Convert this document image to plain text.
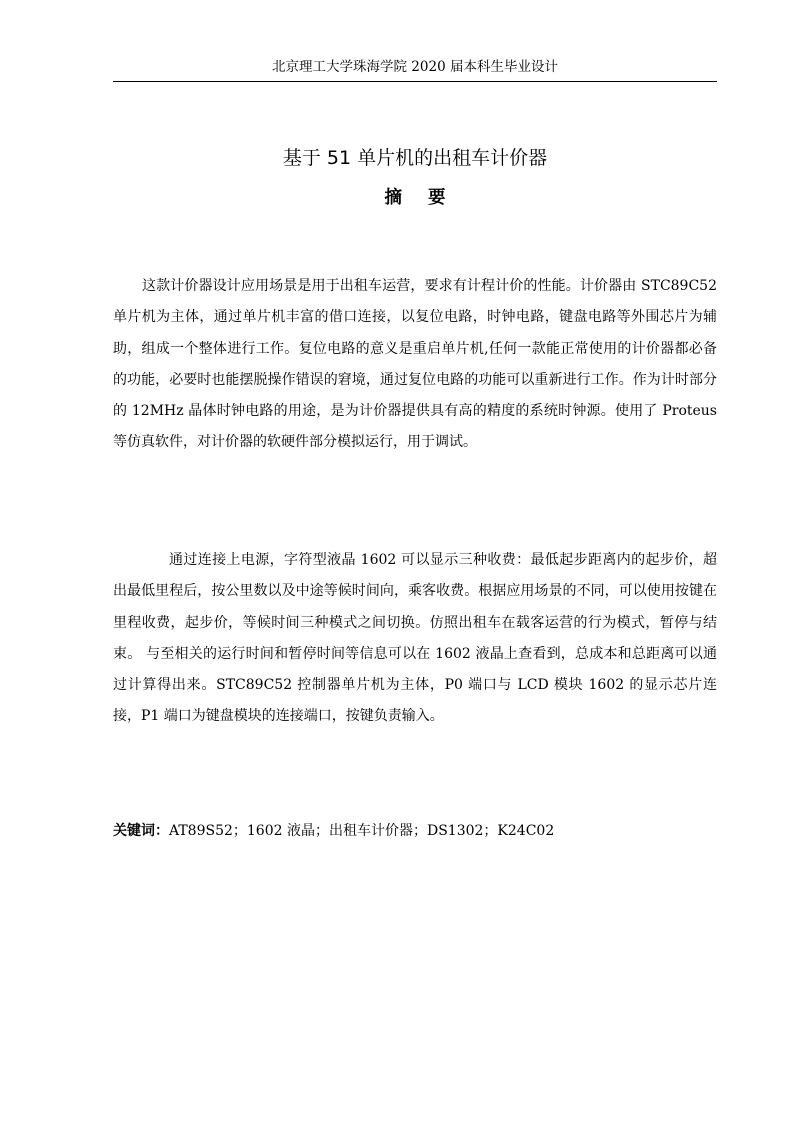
北京理工大学珠海学院 2020 届本科生毕业设计
基于 51 单片机的出租车计价器
摘要

这款计价器设计应用场景是用于出租车运营，要求有计程计价的性能。计价器由 STC89C52 单片机为主体，通过单片机丰富的借口连接，以复位电路，时钟电路，键盘电路等外围芯片为辅助，组成一个整体进行工作。复位电路的意义是重启单片机,任何一款能正常使用的计价器都必备的功能，必要时也能摆脱操作错误的窘境，通过复位电路的功能可以重新进行工作。作为计时部分的 12MHz 晶体时钟电路的用途，是为计价器提供具有高的精度的系统时钟源。使用了 Proteus 等仿真软件，对计价器的软硬件部分模拟运行，用于调试。

通过连接上电源，字符型液晶 1602 可以显示三种收费：最低起步距离内的起步价，超出最低里程后，按公里数以及中途等候时间向，乘客收费。根据应用场景的不同，可以使用按键在里程收费，起步价，等候时间三种模式之间切换。仿照出租车在载客运营的行为模式，暂停与结束。 与至相关的运行时间和暂停时间等信息可以在 1602 液晶上查看到，总成本和总距离可以通过计算得出来。STC89C52 控制器单片机为主体，P0 端口与 LCD 模块 1602 的显示芯片连接，P1 端口为键盘模块的连接端口，按键负责输入。

关键词：AT89S52；1602 液晶；出租车计价器；DS1302；K24C02
